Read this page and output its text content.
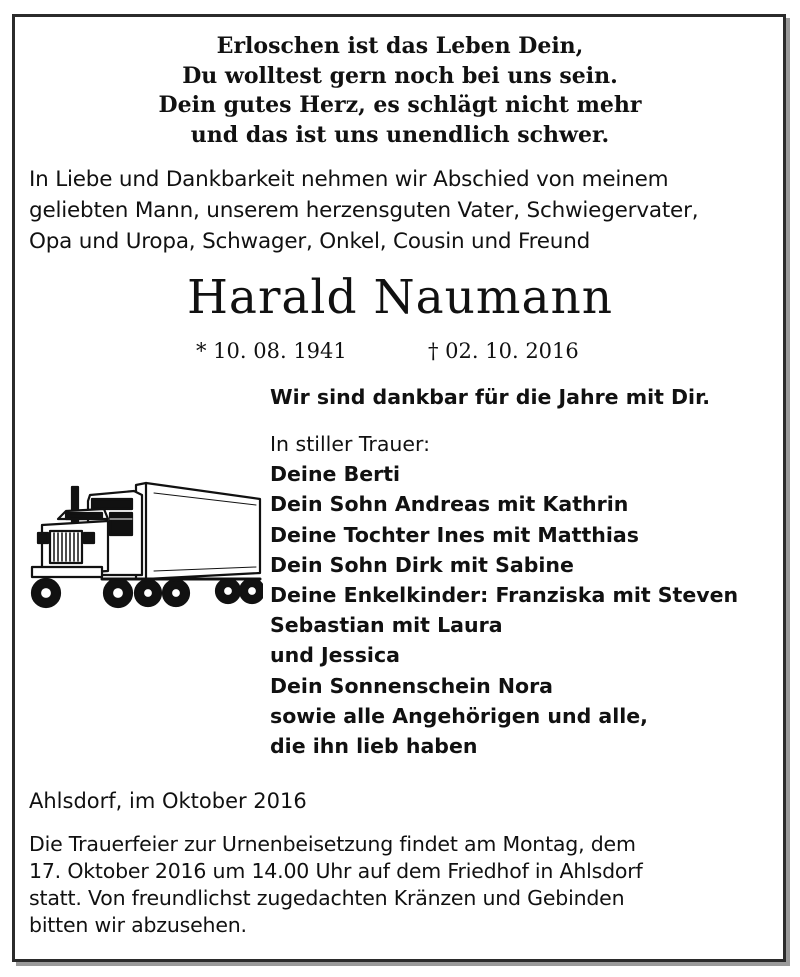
Erloschen ist das Leben Dein,
Du wolltest gern noch bei uns sein.
Dein gutes Herz, es schlägt nicht mehr
und das ist uns unendlich schwer.
In Liebe und Dankbarkeit nehmen wir Abschied von meinem
geliebten Mann, unserem herzensguten Vater, Schwiegervater,
Opa und Uropa, Schwager, Onkel, Cousin und Freund
Harald Naumann
* 10. 08. 1941	† 02. 10. 2016
Wir sind dankbar für die Jahre mit Dir.
In stiller Trauer:
Deine Berti
Dein Sohn Andreas mit Kathrin
Deine Tochter Ines mit Matthias
Dein Sohn Dirk mit Sabine
Deine Enkelkinder: Franziska mit Steven
Sebastian mit Laura
und Jessica
Dein Sonnenschein Nora
sowie alle Angehörigen und alle,
die ihn lieb haben
Ahlsdorf, im Oktober 2016
Die Trauerfeier zur Urnenbeisetzung findet am Montag, dem
17. Oktober 2016 um 14.00 Uhr auf dem Friedhof in Ahlsdorf
statt. Von freundlichst zugedachten Kränzen und Gebinden
bitten wir abzusehen.
